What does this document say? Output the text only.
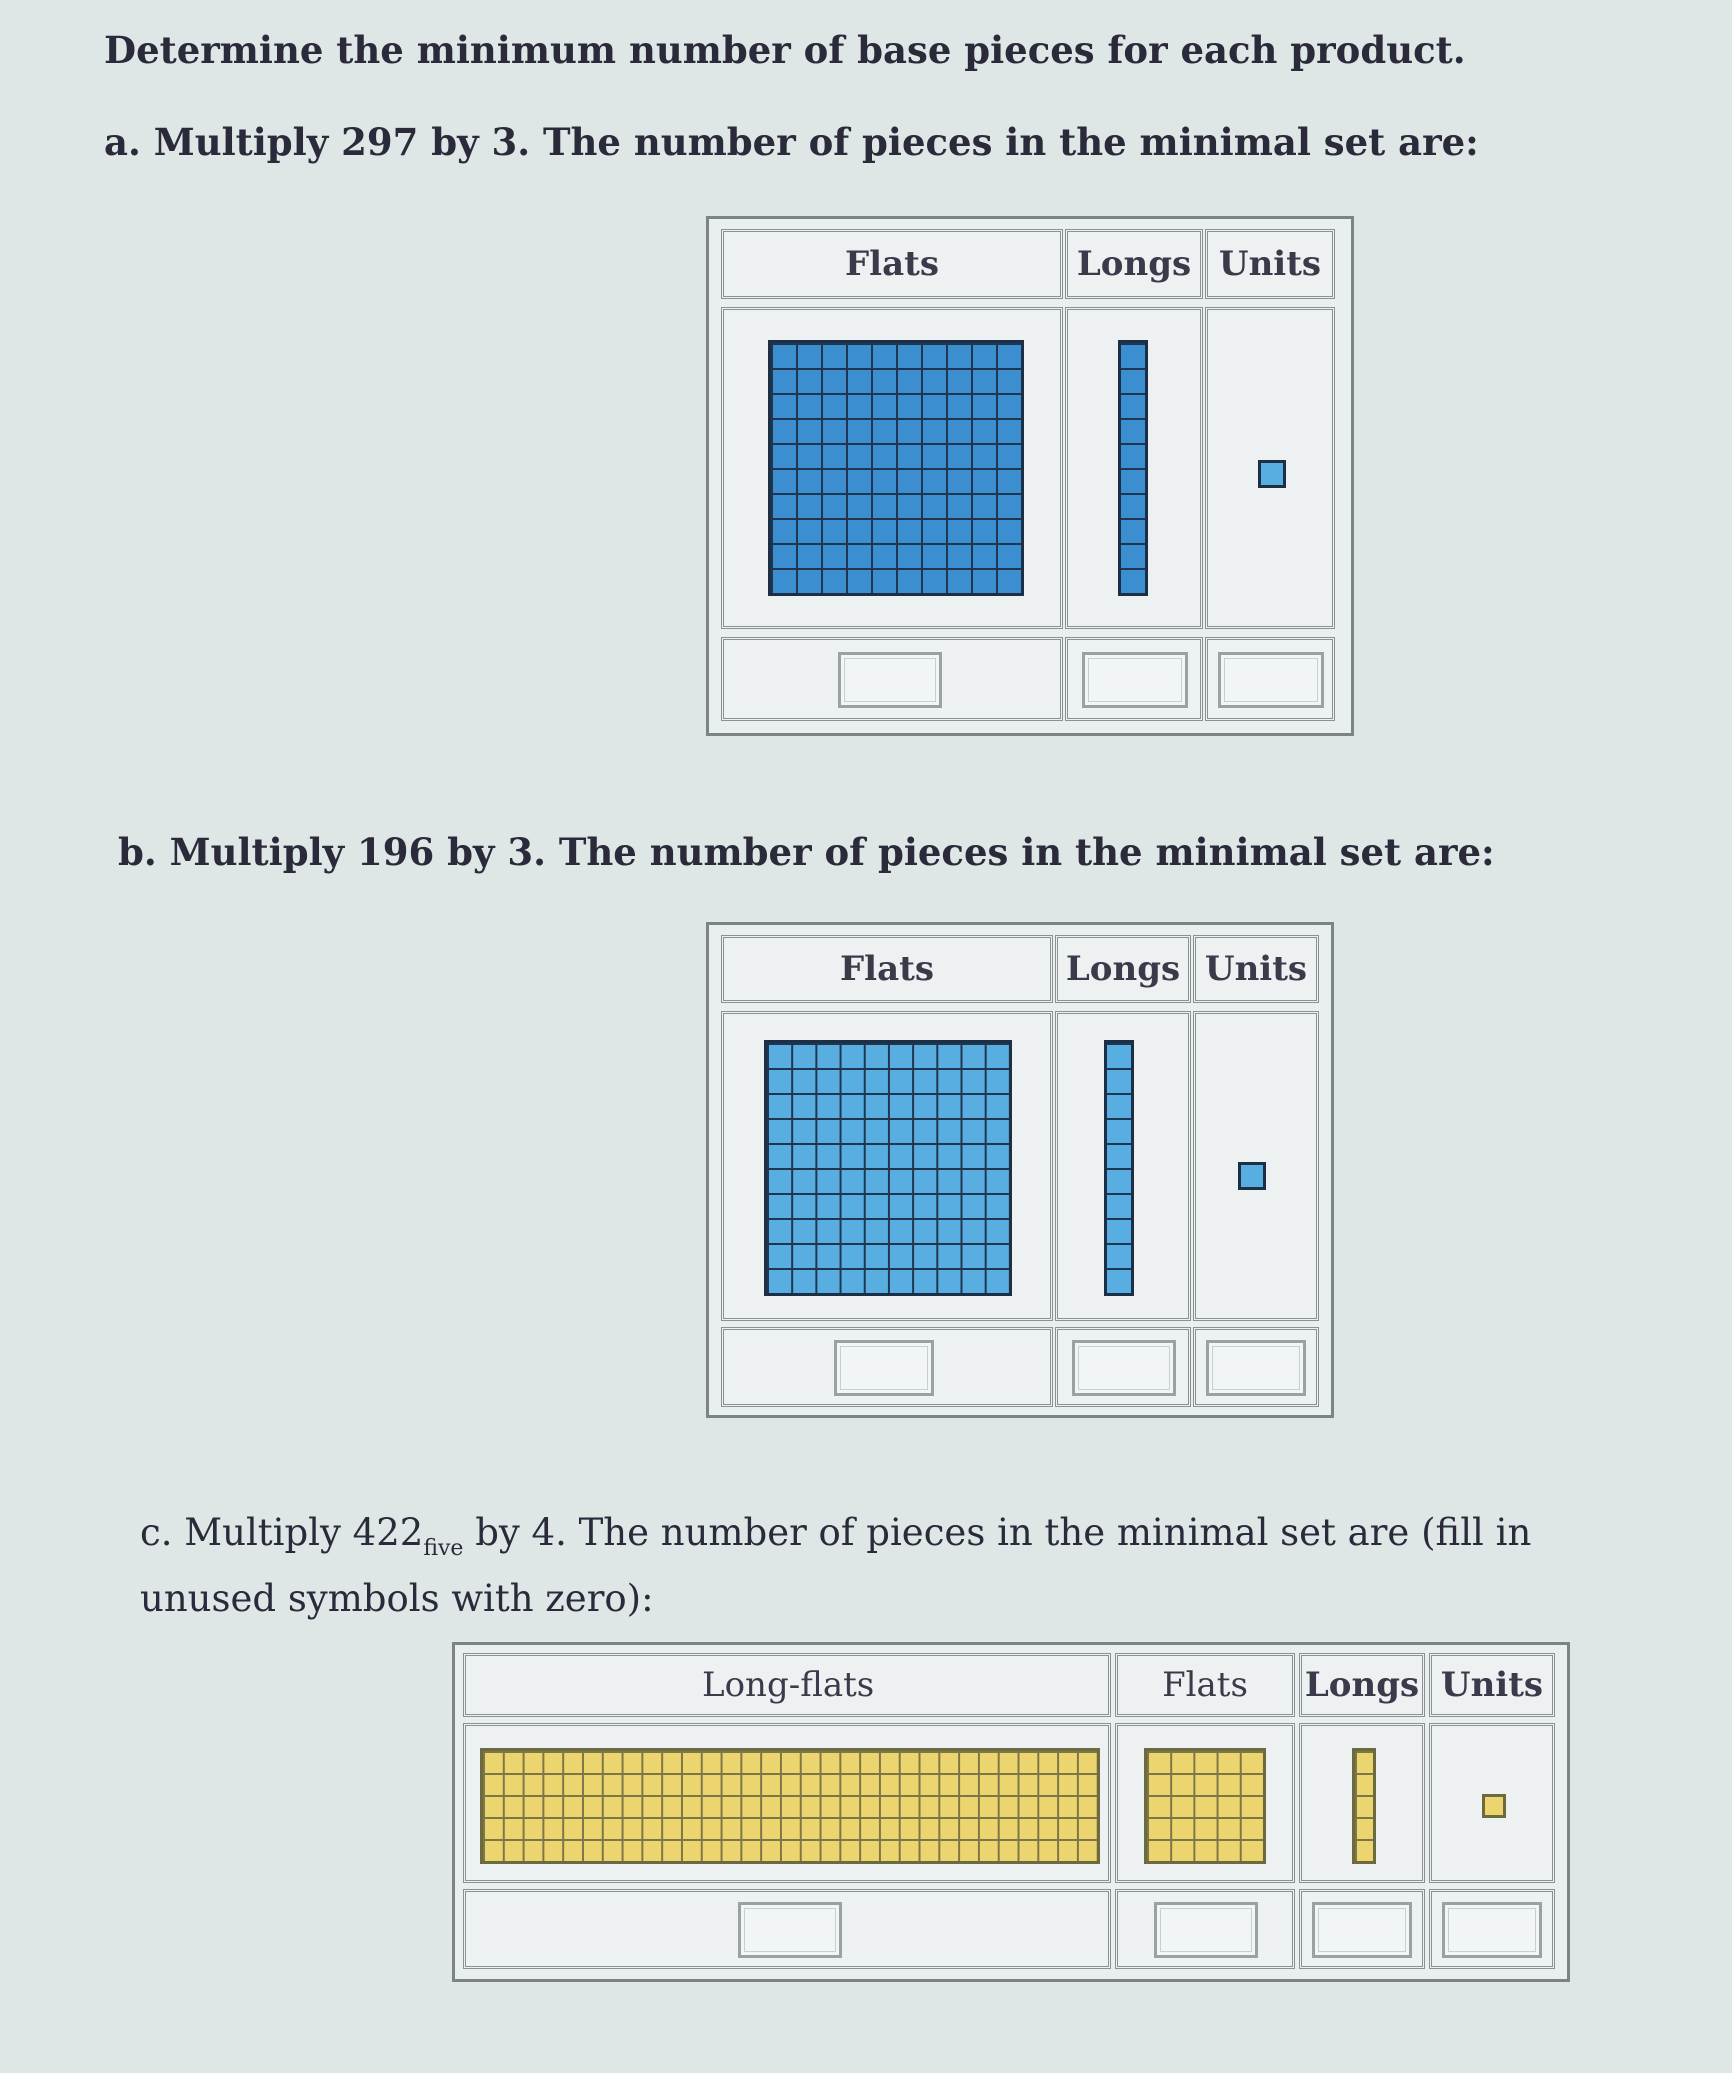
Determine the minimum number of base pieces for each product.
a. Multiply 297 by 3. The number of pieces in the minimal set are:
Flats	Longs Units
b. Multiply 196 by 3. The number of pieces in the minimal set are:
Flats	Longs Units
c. Multiply $422_{five}$ by 4. The number of pieces in the minimal set are (fill in unused symbols with zero):
Long-flats	Flats	Longs Units
